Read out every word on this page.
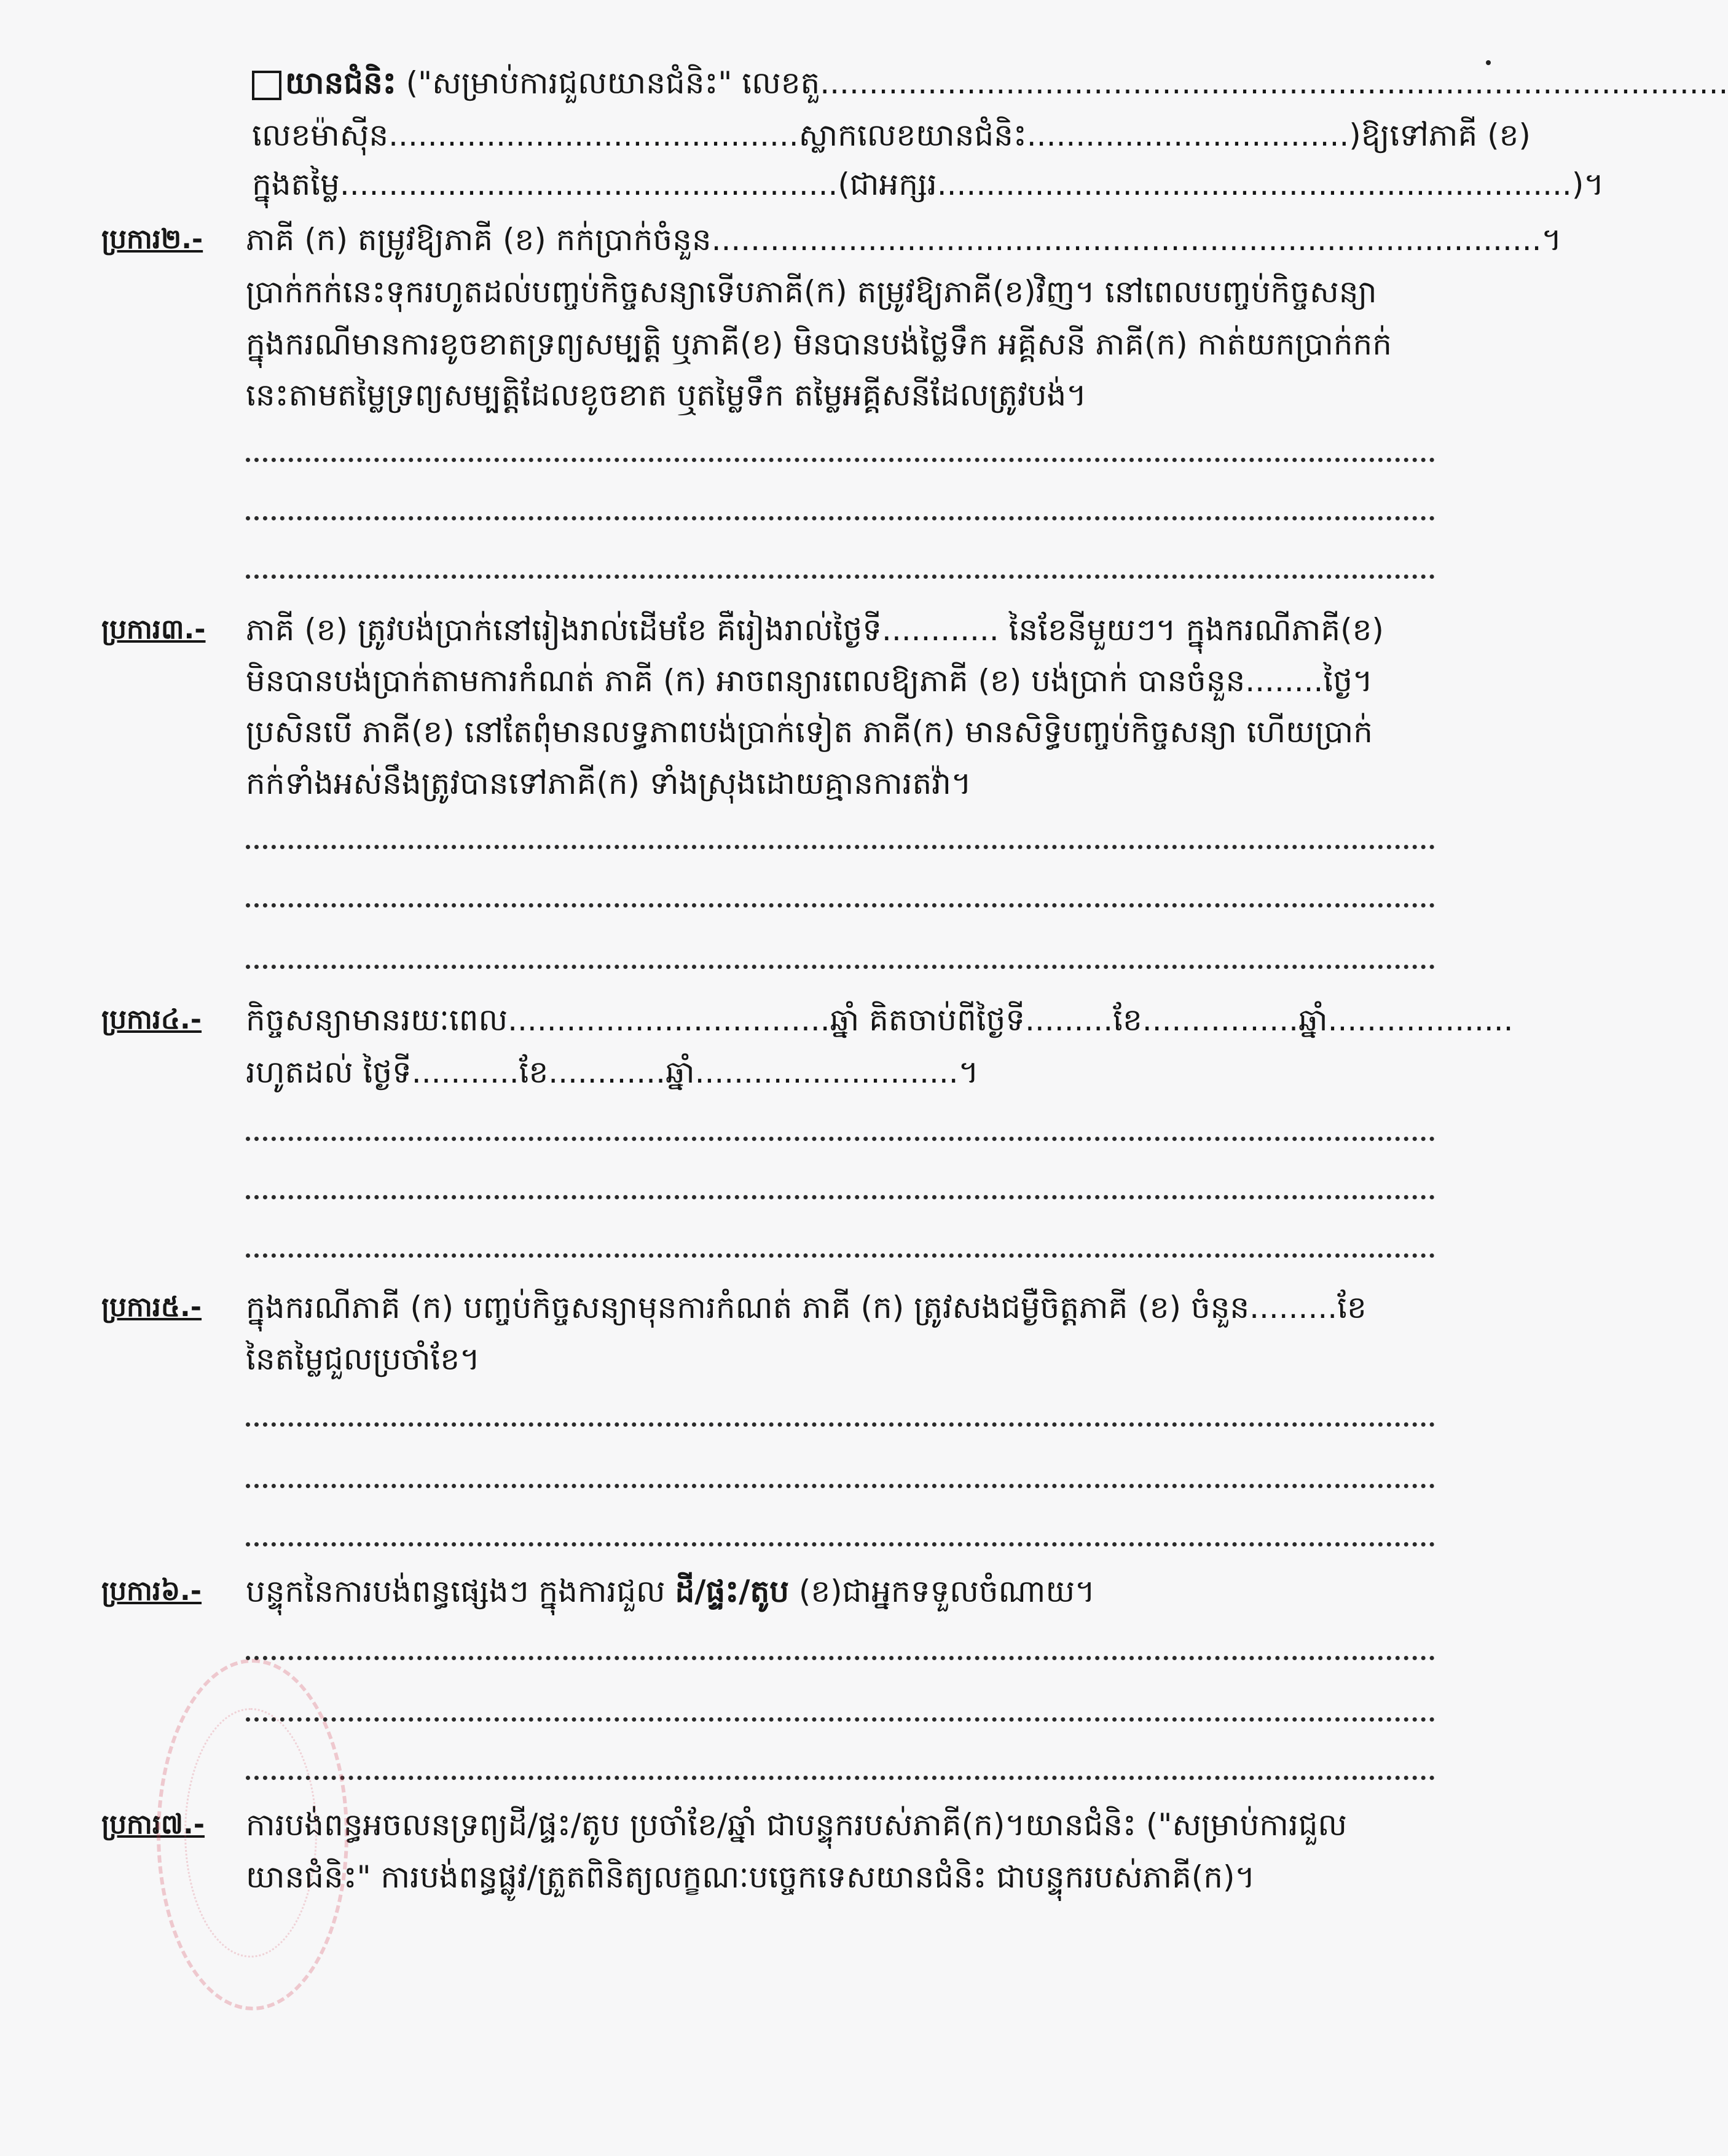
យានជំនិះ ("សម្រាប់ការជួលយានជំនិះ" លេខតួ.............................................................................................
លេខម៉ាស៊ីន..........................................ស្លាកលេខយានជំនិះ.................................)ឱ្យទៅភាគី (ខ)
ក្នុងតម្លៃ...................................................(ជាអក្សរ.................................................................)។
ប្រការ២.- ភាគី (ក) តម្រូវឱ្យភាគី (ខ) កក់ប្រាក់ចំនួន.....................................................................................។
ប្រាក់កក់នេះទុករហូតដល់បញ្ចប់កិច្ចសន្យាទើបភាគី(ក) តម្រូវឱ្យភាគី(ខ)វិញ។ នៅពេលបញ្ចប់កិច្ចសន្យា
ក្នុងករណីមានការខូចខាតទ្រព្យសម្បត្តិ ឬភាគី(ខ) មិនបានបង់ថ្លៃទឹក អគ្គីសនី ភាគី(ក) កាត់យកប្រាក់កក់
នេះតាមតម្លៃទ្រព្យសម្បត្តិដែលខូចខាត ឬតម្លៃទឹក តម្លៃអគ្គីសនីដែលត្រូវបង់។
ប្រការ៣.- ភាគី (ខ) ត្រូវបង់ប្រាក់នៅរៀងរាល់ដើមខែ គឺរៀងរាល់ថ្ងៃទី............ នៃខែនីមួយៗ។ ក្នុងករណីភាគី(ខ)
មិនបានបង់ប្រាក់តាមការកំណត់ ភាគី (ក) អាចពន្យារពេលឱ្យភាគី (ខ) បង់ប្រាក់ បានចំនួន........ថ្ងៃ។
ប្រសិនបើ ភាគី(ខ) នៅតែពុំមានលទ្ធភាពបង់ប្រាក់ទៀត ភាគី(ក) មានសិទ្ធិបញ្ចប់កិច្ចសន្យា ហើយប្រាក់
កក់ទាំងអស់នឹងត្រូវបានទៅភាគី(ក) ទាំងស្រុងដោយគ្មានការតវ៉ា។
ប្រការ៤.- កិច្ចសន្យាមានរយៈពេល.................................ឆ្នាំ គិតចាប់ពីថ្ងៃទី.........ខែ................ឆ្នាំ...................
រហូតដល់ ថ្ងៃទី...........ខែ............ឆ្នាំ...........................។
ប្រការ៥.- ក្នុងករណីភាគី (ក) បញ្ចប់កិច្ចសន្យាមុនការកំណត់ ភាគី (ក) ត្រូវសងជម្ងឺចិត្តភាគី (ខ) ចំនួន.........ខែ
នៃតម្លៃជួលប្រចាំខែ។
ប្រការ៦.- បន្ទុកនៃការបង់ពន្ធផ្សេងៗ ក្នុងការជួល ដី/ផ្ទះ/តូប (ខ)ជាអ្នកទទួលចំណាយ។
ប្រការ៧.- ការបង់ពន្ធអចលនទ្រព្យដី/ផ្ទះ/តូប ប្រចាំខែ/ឆ្នាំ ជាបន្ទុករបស់ភាគី(ក)។យានជំនិះ ("សម្រាប់ការជួល
យានជំនិះ" ការបង់ពន្ធផ្លូវ/ត្រួតពិនិត្យលក្ខណៈបច្ចេកទេសយានជំនិះ ជាបន្ទុករបស់ភាគី(ក)។
